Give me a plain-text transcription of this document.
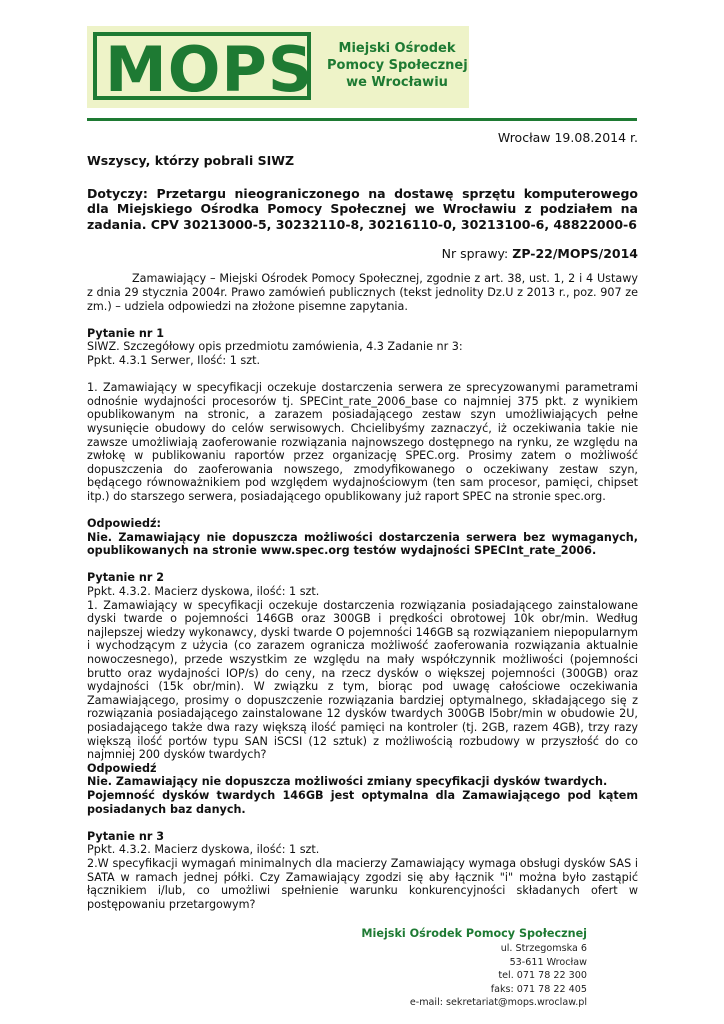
MOPS	Miejski Ośrodek
Pomocy Społecznej
we Wrocławiu
Wrocław 19.08.2014 r.
Wszyscy, którzy pobrali SIWZ
Dotyczy: Przetargu nieograniczonego na dostawę sprzętu komputerowego dla Miejskiego Ośrodka Pomocy Społecznej we Wrocławiu z podziałem na zadania. CPV 30213000-5, 30232110-8, 30216110-0, 30213100-6, 48822000-6
Nr sprawy: ZP-22/MOPS/2014
Zamawiający – Miejski Ośrodek Pomocy Społecznej, zgodnie z art. 38, ust. 1, 2 i 4 Ustawy z dnia 29 stycznia 2004r. Prawo zamówień publicznych (tekst jednolity Dz.U z 2013 r., poz. 907 ze zm.) – udziela odpowiedzi na złożone pisemne zapytania.
Pytanie nr 1
SIWZ. Szczegółowy opis przedmiotu zamówienia, 4.3 Zadanie nr 3:
Ppkt. 4.3.1 Serwer, Ilość: 1 szt.
1. Zamawiający w specyfikacji oczekuje dostarczenia serwera ze sprecyzowanymi parametrami odnośnie wydajności procesorów tj. SPECint_rate_2006_base co najmniej 375 pkt. z wynikiem opublikowanym na stronic, a zarazem posiadającego zestaw szyn umożliwiających pełne wysunięcie obudowy do celów serwisowych. Chcielibyśmy zaznaczyć, iż oczekiwania takie nie zawsze umożliwiają zaoferowanie rozwiązania najnowszego dostępnego na rynku, ze względu na zwłokę w publikowaniu raportów przez organizację SPEC.org. Prosimy zatem o możliwość dopuszczenia do zaoferowania nowszego, zmodyfikowanego o oczekiwany zestaw szyn, będącego równoważnikiem pod względem wydajnościowym (ten sam procesor, pamięci, chipset itp.) do starszego serwera, posiadającego opublikowany już raport SPEC na stronie spec.org.
Odpowiedź:
Nie. Zamawiający nie dopuszcza możliwości dostarczenia serwera bez wymaganych, opublikowanych na stronie www.spec.org testów wydajności SPECInt_rate_2006.
Pytanie nr 2
Ppkt. 4.3.2. Macierz dyskowa, ilość: 1 szt.
1. Zamawiający w specyfikacji oczekuje dostarczenia rozwiązania posiadającego zainstalowane dyski twarde o pojemności 146GB oraz 300GB i prędkości obrotowej 10k obr/min. Według najlepszej wiedzy wykonawcy, dyski twarde O pojemności 146GB są rozwiązaniem niepopularnym i wychodzącym z użycia (co zarazem ogranicza możliwość zaoferowania rozwiązania aktualnie nowoczesnego), przede wszystkim ze względu na mały współczynnik możliwości (pojemności brutto oraz wydajności IOP/s) do ceny, na rzecz dysków o większej pojemności (300GB) oraz wydajności (15k obr/min). W związku z tym, biorąc pod uwagę całościowe oczekiwania Zamawiającego, prosimy o dopuszczenie rozwiązania bardziej optymalnego, składającego się z rozwiązania posiadającego zainstalowane 12 dysków twardych 300GB l5obr/min w obudowie 2U, posiadającego także dwa razy większą ilość pamięci na kontroler (tj. 2GB, razem 4GB), trzy razy większą ilość portów typu SAN iSCSI (12 sztuk) z możliwością rozbudowy w przyszłość do co najmniej 200 dysków twardych?
Odpowiedź
Nie. Zamawiający nie dopuszcza możliwości zmiany specyfikacji dysków twardych.
Pojemność dysków twardych 146GB jest optymalna dla Zamawiającego pod kątem posiadanych baz danych.
Pytanie nr 3
Ppkt. 4.3.2. Macierz dyskowa, ilość: 1 szt.
2.W specyfikacji wymagań minimalnych dla macierzy Zamawiający wymaga obsługi dysków SAS i SATA w ramach jednej półki. Czy Zamawiający zgodzi się aby łącznik "i" można było zastąpić łącznikiem i/lub, co umożliwi spełnienie warunku konkurencyjności składanych ofert w postępowaniu przetargowym?
Miejski Ośrodek Pomocy Społecznej
ul. Strzegomska 6
53-611 Wrocław
tel. 071 78 22 300
faks: 071 78 22 405
e-mail: sekretariat@mops.wroclaw.pl
